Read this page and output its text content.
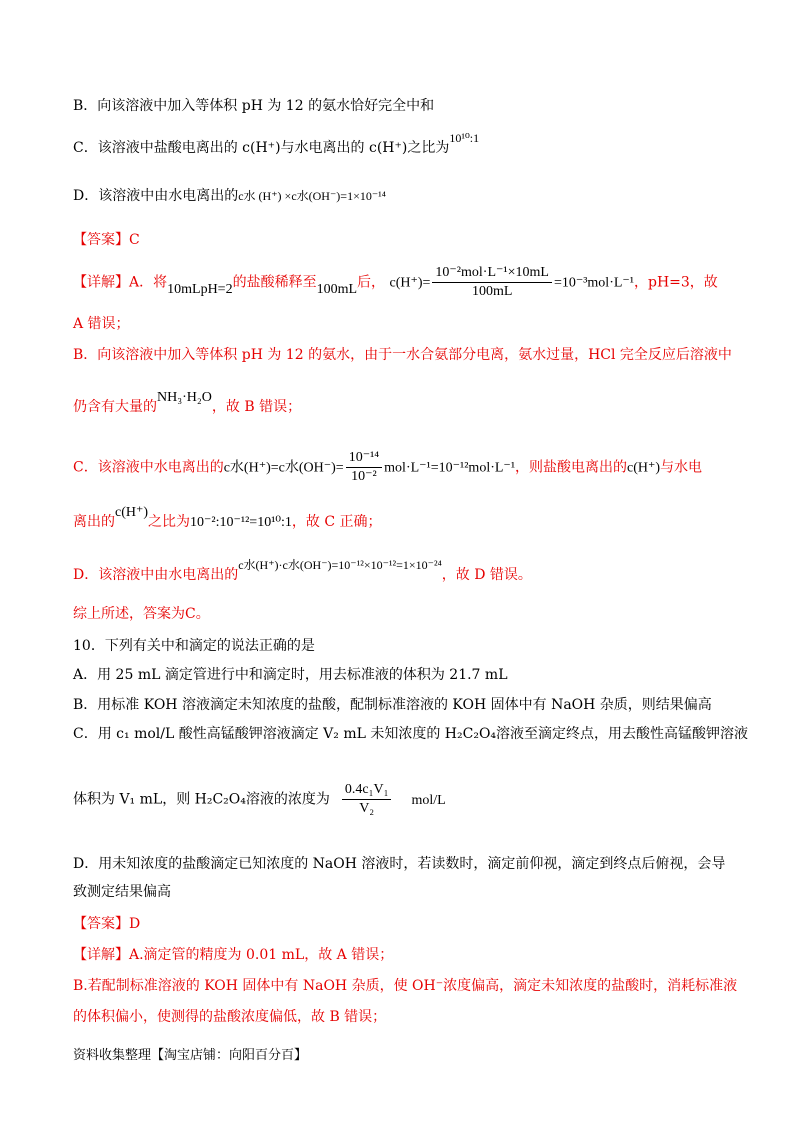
B．向该溶液中加入等体积 pH 为 12 的氨水恰好完全中和
C．该溶液中盐酸电离出的 c(H⁺)与水电离出的 c(H⁺)之比为10¹⁰:1
D．该溶液中由水电离出的c水 (H⁺) ×c水(OH⁻)=1×10⁻¹⁴
【答案】C
【详解】A．将10mLpH=2的盐酸稀释至100mL后， $c(H^+)= \frac{\text{10⁻²mol·L⁻¹×10mL}}{100mL} =10^{-3}mol\cdot L^{-1}$，pH=3，故
A 错误；
B．向该溶液中加入等体积 pH 为 12 的氨水，由于一水合氨部分电离，氨水过量，HCl 完全反应后溶液中
仍含有大量的NH₃·H₂O，故 B 错误；
C．该溶液中水电离出的c水(H⁺)=c水$(OH^-)= \frac{\text{10⁻¹⁴}}{\text{10⁻²}} mol\cdot L^{-1}=10^{-12}mol\cdot L^{-1}$，则盐酸电离出的c(H⁺)与水电
离出的c(H⁺)之比为10⁻²:10⁻¹²=10¹⁰:1，故 C 正确；
D．该溶液中由水电离出的c水(H⁺)·c水(OH⁻)=10⁻¹²×10⁻¹²=1×10⁻²⁴，故 D 错误。
综上所述，答案为C。
10．下列有关中和滴定的说法正确的是
A．用 25 mL 滴定管进行中和滴定时，用去标准液的体积为 21.7 mL
B．用标准 KOH 溶液滴定未知浓度的盐酸，配制标准溶液的 KOH 固体中有 NaOH 杂质，则结果偏高
C．用 c₁ mol/L 酸性高锰酸钾溶液滴定 V₂ mL 未知浓度的 H₂C₂O₄溶液至滴定终点，用去酸性高锰酸钾溶液
体积为 V₁ mL，则 H₂C₂O₄溶液的浓度为 $\frac{\text{0.4c₁V₁}}{\text{V₂}} mol/L$
D．用未知浓度的盐酸滴定已知浓度的 NaOH 溶液时，若读数时，滴定前仰视，滴定到终点后俯视，会导
致测定结果偏高
【答案】D
【详解】A.滴定管的精度为 0.01 mL，故 A 错误；
B.若配制标准溶液的 KOH 固体中有 NaOH 杂质，使 OH⁻浓度偏高，滴定未知浓度的盐酸时，消耗标准液
的体积偏小，使测得的盐酸浓度偏低，故 B 错误；
资料收集整理【淘宝店铺：向阳百分百】
